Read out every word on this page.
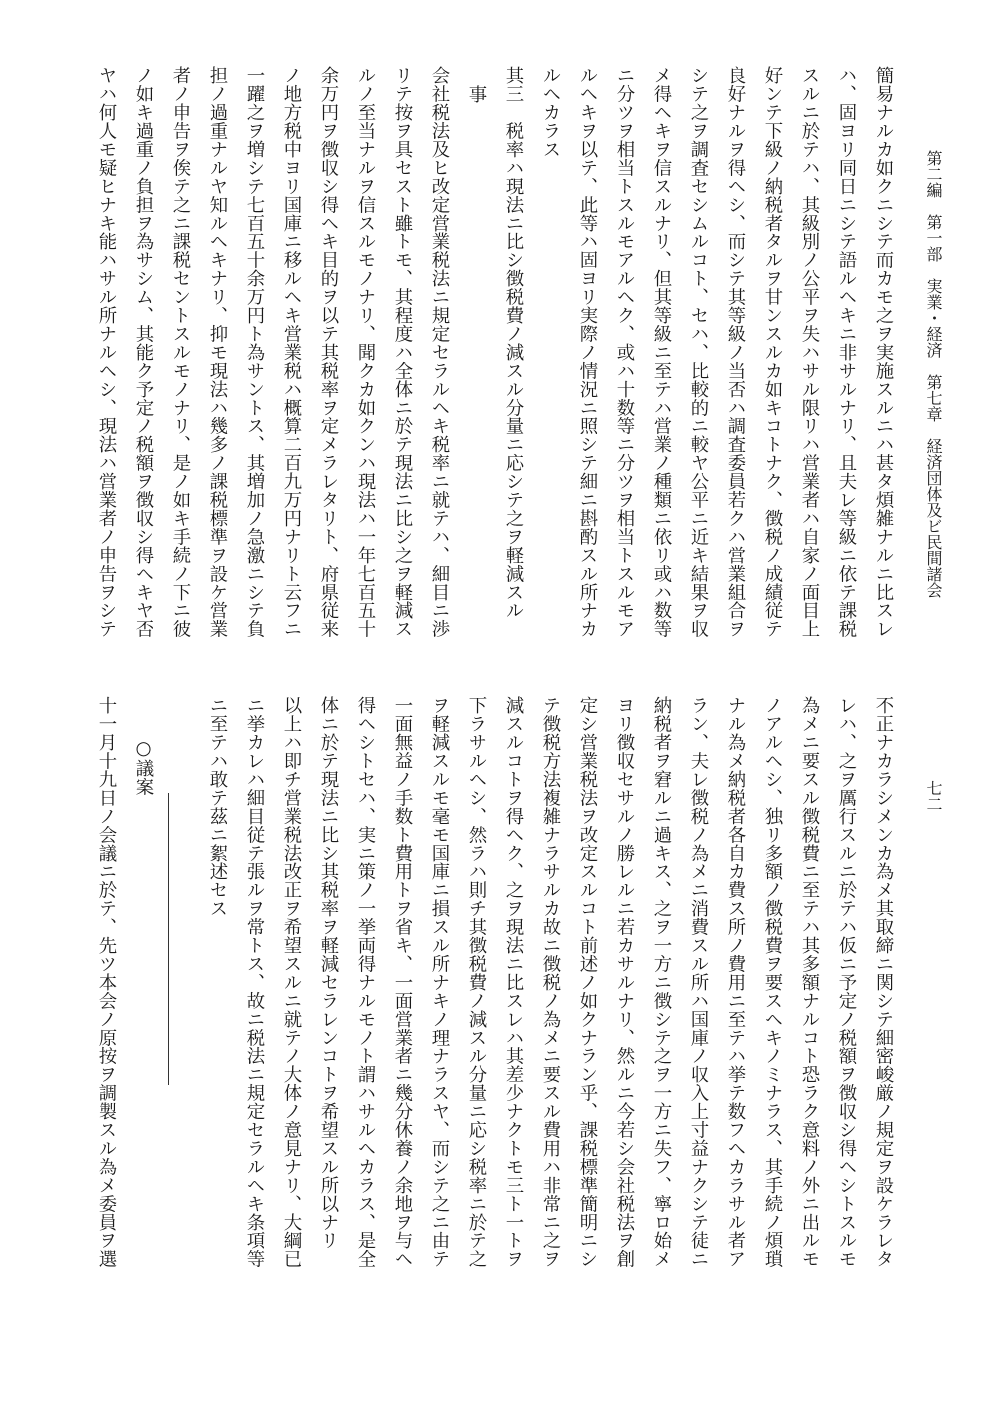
第二編　第一部　実業・経済　第七章　経済団体及ビ民間諸会
七二
簡易ナルカ如クニシテ而カモ之ヲ実施スルニハ甚タ煩雑ナルニ比スレ
ハ、固ヨリ同日ニシテ語ルヘキニ非サルナリ、且夫レ等級ニ依テ課税
スルニ於テハ、其級別ノ公平ヲ失ハサル限リハ営業者ハ自家ノ面目上
好ンテ下級ノ納税者タルヲ甘ンスルカ如キコトナク、徴税ノ成績従テ
良好ナルヲ得ヘシ、而シテ其等級ノ当否ハ調査委員若クハ営業組合ヲ
シテ之ヲ調査セシムルコト、セハ、比較的ニ較ヤ公平ニ近キ結果ヲ収
メ得ヘキヲ信スルナリ、但其等級ニ至テハ営業ノ種類ニ依リ或ハ数等
ニ分ツヲ相当トスルモアルヘク、或ハ十数等ニ分ツヲ相当トスルモア
ルヘキヲ以テ、此等ハ固ヨリ実際ノ情況ニ照シテ細ニ斟酌スル所ナカ
ルヘカラス
其三　税率ハ現法ニ比シ徴税費ノ減スル分量ニ応シテ之ヲ軽減スル
事
会社税法及ヒ改定営業税法ニ規定セラルヘキ税率ニ就テハ、細目ニ渉
リテ按ヲ具セスト雖トモ、其程度ハ全体ニ於テ現法ニ比シ之ヲ軽減ス
ルノ至当ナルヲ信スルモノナリ、聞クカ如クンハ現法ハ一年七百五十
余万円ヲ徴収シ得ヘキ目的ヲ以テ其税率ヲ定メラレタリト、府県従来
ノ地方税中ヨリ国庫ニ移ルヘキ営業税ハ概算二百九万円ナリト云フニ
一躍之ヲ増シテ七百五十余万円ト為サントス、其増加ノ急激ニシテ負
担ノ過重ナルヤ知ルヘキナリ、抑モ現法ハ幾多ノ課税標準ヲ設ケ営業
者ノ申告ヲ俟テ之ニ課税セントスルモノナリ、是ノ如キ手続ノ下ニ彼
ノ如キ過重ノ負担ヲ為サシム、其能ク予定ノ税額ヲ徴収シ得ヘキヤ否
ヤハ何人モ疑ヒナキ能ハサル所ナルヘシ、現法ハ営業者ノ申告ヲシテ
不正ナカラシメンカ為メ其取締ニ関シテ細密峻厳ノ規定ヲ設ケラレタ
レハ、之ヲ厲行スルニ於テハ仮ニ予定ノ税額ヲ徴収シ得ヘシトスルモ
為メニ要スル徴税費ニ至テハ其多額ナルコト恐ラク意料ノ外ニ出ルモ
ノアルヘシ、独リ多額ノ徴税費ヲ要スヘキノミナラス、其手続ノ煩瑣
ナル為メ納税者各自カ費ス所ノ費用ニ至テハ挙テ数フヘカラサル者ア
ラン、夫レ徴税ノ為メニ消費スル所ハ国庫ノ収入上寸益ナクシテ徒ニ
納税者ヲ窘ルニ過キス、之ヲ一方ニ徴シテ之ヲ一方ニ失フ、寧ロ始メ
ヨリ徴収セサルノ勝レルニ若カサルナリ、然ルニ今若シ会社税法ヲ創
定シ営業税法ヲ改定スルコト前述ノ如クナラン乎、課税標準簡明ニシ
テ徴税方法複雑ナラサルカ故ニ徴税ノ為メニ要スル費用ハ非常ニ之ヲ
減スルコトヲ得ヘク、之ヲ現法ニ比スレハ其差少ナクトモ三ト一トヲ
下ラサルヘシ、然ラハ則チ其徴税費ノ減スル分量ニ応シ税率ニ於テ之
ヲ軽減スルモ毫モ国庫ニ損スル所ナキノ理ナラスヤ、而シテ之ニ由テ
一面無益ノ手数ト費用トヲ省キ、一面営業者ニ幾分休養ノ余地ヲ与ヘ
得ヘシトセハ、実ニ策ノ一挙両得ナルモノト謂ハサルヘカラス、是全
体ニ於テ現法ニ比シ其税率ヲ軽減セラレンコトヲ希望スル所以ナリ
以上ハ即チ営業税法改正ヲ希望スルニ就テノ大体ノ意見ナリ、大綱已
ニ挙カレハ細目従テ張ルヲ常トス、故ニ税法ニ規定セラルヘキ条項等
ニ至テハ敢テ茲ニ絮述セス
○議案
十一月十九日ノ会議ニ於テ、先ツ本会ノ原按ヲ調製スル為メ委員ヲ選
